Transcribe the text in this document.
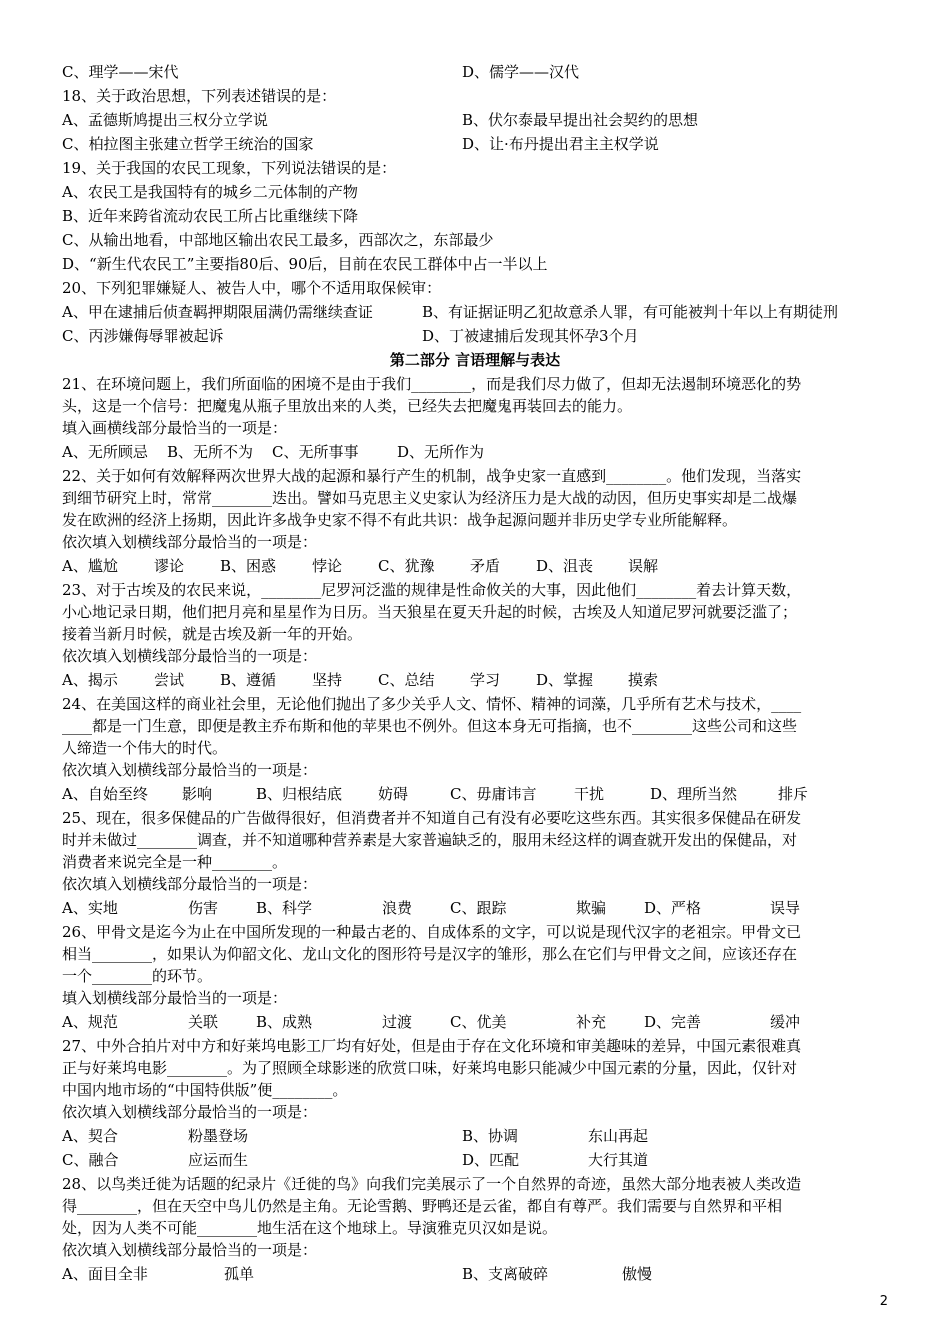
C、理学——宋代	D、儒学——汉代
18、关于政治思想，下列表述错误的是：
A、孟德斯鸠提出三权分立学说	B、伏尔泰最早提出社会契约的思想
C、柏拉图主张建立哲学王统治的国家	D、让·布丹提出君主主权学说
19、关于我国的农民工现象，下列说法错误的是：
A、农民工是我国特有的城乡二元体制的产物
B、近年来跨省流动农民工所占比重继续下降
C、从输出地看，中部地区输出农民工最多，西部次之，东部最少
D、“新生代农民工”主要指80后、90后，目前在农民工群体中占一半以上
20、下列犯罪嫌疑人、被告人中，哪个不适用取保候审：
A、甲在逮捕后侦查羁押期限届满仍需继续查证	B、有证据证明乙犯故意杀人罪，有可能被判十年以上有期徒刑
C、丙涉嫌侮辱罪被起诉	D、丁被逮捕后发现其怀孕3个月
第二部分 言语理解与表达
21、在环境问题上，我们所面临的困境不是由于我们________，而是我们尽力做了，但却无法遏制环境恶化的势
头，这是一个信号：把魔鬼从瓶子里放出来的人类，已经失去把魔鬼再装回去的能力。
填入画横线部分最恰当的一项是：
A、无所顾忌 B、无所不为 C、无所事事	D、无所作为
22、关于如何有效解释两次世界大战的起源和暴行产生的机制，战争史家一直感到________。他们发现，当落实
到细节研究上时，常常________迭出。譬如马克思主义史家认为经济压力是大战的动因，但历史事实却是二战爆
发在欧洲的经济上扬期，因此许多战争史家不得不有此共识：战争起源问题并非历史学专业所能解释。
依次填入划横线部分最恰当的一项是：
A、尴尬 谬论 B、困惑 悖论 C、犹豫 矛盾 D、沮丧 误解
23、对于古埃及的农民来说，________尼罗河泛滥的规律是性命攸关的大事，因此他们________着去计算天数，
小心地记录日期，他们把月亮和星星作为日历。当天狼星在夏天升起的时候，古埃及人知道尼罗河就要泛滥了；
接着当新月时候，就是古埃及新一年的开始。
依次填入划横线部分最恰当的一项是：
A、揭示 尝试 B、遵循 坚持 C、总结 学习 D、掌握 摸索
24、在美国这样的商业社会里，无论他们抛出了多少关乎人文、情怀、精神的词藻，几乎所有艺术与技术，____
____都是一门生意，即便是教主乔布斯和他的苹果也不例外。但这本身无可指摘，也不________这些公司和这些
人缔造一个伟大的时代。
依次填入划横线部分最恰当的一项是：
A、自始至终 影响	B、归根结底 妨碍	C、毋庸讳言	干扰	D、理所当然	排斥
25、现在，很多保健品的广告做得很好，但消费者并不知道自己有没有必要吃这些东西。其实很多保健品在研发
时并未做过________调查，并不知道哪种营养素是大家普遍缺乏的，服用未经这样的调查就开发出的保健品，对
消费者来说完全是一种________。
依次填入划横线部分最恰当的一项是：
A、实地	伤害	B、科学	浪费	C、跟踪	欺骗	D、严格	误导
26、甲骨文是迄今为止在中国所发现的一种最古老的、自成体系的文字，可以说是现代汉字的老祖宗。甲骨文已
相当________，如果认为仰韶文化、龙山文化的图形符号是汉字的雏形，那么在它们与甲骨文之间，应该还存在
一个________的环节。
填入划横线部分最恰当的一项是：
A、规范	关联	B、成熟	过渡	C、优美	补充	D、完善	缓冲
27、中外合拍片对中方和好莱坞电影工厂均有好处，但是由于存在文化环境和审美趣味的差异，中国元素很难真
正与好莱坞电影________。为了照顾全球影迷的欣赏口味，好莱坞电影只能减少中国元素的分量，因此，仅针对
中国内地市场的“中国特供版”便________。
依次填入划横线部分最恰当的一项是：
A、契合	粉墨登场	B、协调	东山再起
C、融合	应运而生	D、匹配	大行其道
28、以鸟类迁徙为话题的纪录片《迁徙的鸟》向我们完美展示了一个自然界的奇迹，虽然大部分地表被人类改造
得________，但在天空中鸟儿仍然是主角。无论雪鹅、野鸭还是云雀，都自有尊严。我们需要与自然界和平相
处，因为人类不可能________地生活在这个地球上。导演雅克贝汉如是说。
依次填入划横线部分最恰当的一项是：
A、面目全非	孤单	B、支离破碎	傲慢
2
